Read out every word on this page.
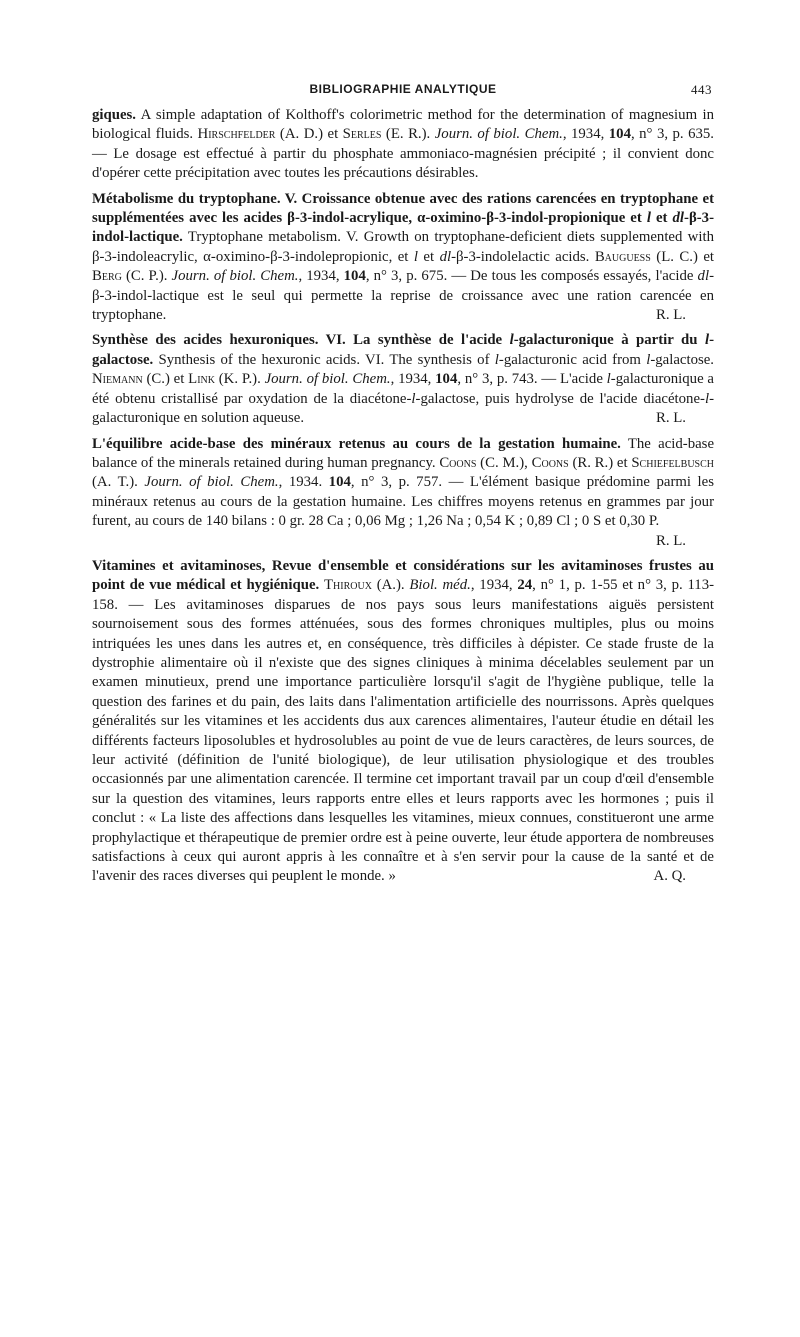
BIBLIOGRAPHIE ANALYTIQUE	443

giques. A simple adaptation of Kolthoff's colorimetric method for the determination of magnesium in biological fluids. Hirschfelder (A. D.) et Serles (E. R.). Journ. of biol. Chem., 1934, 104, n° 3, p. 635. — Le dosage est effectué à partir du phosphate ammoniaco-magnésien précipité ; il convient donc d'opérer cette précipitation avec toutes les précautions désirables.

Métabolisme du tryptophane. V. Croissance obtenue avec des rations carencées en tryptophane et supplémentées avec les acides β-3-indol-acrylique, α-oximino-β-3-indol-propionique et l et dl-β-3-indol-lactique. Tryptophane metabolism. V. Growth on tryptophane-deficient diets supplemented with β-3-indoleacrylic, α-oximino-β-3-indolepropionic, et l et dl-β-3-indolelactic acids. Bauguess (L. C.) et Berg (C. P.). Journ. of biol. Chem., 1934, 104, n° 3, p. 675. — De tous les composés essayés, l'acide dl-β-3-indol-lactique est le seul qui permette la reprise de croissance avec une ration carencée en tryptophane.	R. L.

Synthèse des acides hexuroniques. VI. La synthèse de l'acide l-galacturonique à partir du l-galactose. Synthesis of the hexuronic acids. VI. The synthesis of l-galacturonic acid from l-galactose. Niemann (C.) et Link (K. P.). Journ. of biol. Chem., 1934, 104, n° 3, p. 743. — L'acide l-galacturonique a été obtenu cristallisé par oxydation de la diacétone-l-galactose, puis hydrolyse de l'acide diacétone-l-galacturonique en solution aqueuse.	R. L.

L'équilibre acide-base des minéraux retenus au cours de la gestation humaine. The acid-base balance of the minerals retained during human pregnancy. Coons (C. M.), Coons (R. R.) et Schiefelbusch (A. T.). Journ. of biol. Chem., 1934. 104, n° 3, p. 757. — L'élément basique prédomine parmi les minéraux retenus au cours de la gestation humaine. Les chiffres moyens retenus en grammes par jour furent, au cours de 140 bilans : 0 gr. 28 Ca ; 0,06 Mg ; 1,26 Na ; 0,54 K ; 0,89 Cl ; 0 S et 0,30 P.
R. L.

Vitamines et avitaminoses, Revue d'ensemble et considérations sur les avitaminoses frustes au point de vue médical et hygiénique. Thiroux (A.). Biol. méd., 1934, 24, n° 1, p. 1-55 et n° 3, p. 113-158. — Les avitaminoses disparues de nos pays sous leurs manifestations aiguës persistent sournoisement sous des formes atténuées, sous des formes chroniques multiples, plus ou moins intriquées les unes dans les autres et, en conséquence, très difficiles à dépister. Ce stade fruste de la dystrophie alimentaire où il n'existe que des signes cliniques à minima décelables seulement par un examen minutieux, prend une importance particulière lorsqu'il s'agit de l'hygiène publique, telle la question des farines et du pain, des laits dans l'alimentation artificielle des nourrissons. Après quelques généralités sur les vitamines et les accidents dus aux carences alimentaires, l'auteur étudie en détail les différents facteurs liposolubles et hydrosolubles au point de vue de leurs caractères, de leurs sources, de leur activité (définition de l'unité biologique), de leur utilisation physiologique et des troubles occasionnés par une alimentation carencée. Il termine cet important travail par un coup d'œil d'ensemble sur la question des vitamines, leurs rapports entre elles et leurs rapports avec les hormones ; puis il conclut : « La liste des affections dans lesquelles les vitamines, mieux connues, constitueront une arme prophylactique et thérapeutique de premier ordre est à peine ouverte, leur étude apportera de nombreuses satisfactions à ceux qui auront appris à les connaître et à s'en servir pour la cause de la santé et de l'avenir des races diverses qui peuplent le monde. »	A. Q.
